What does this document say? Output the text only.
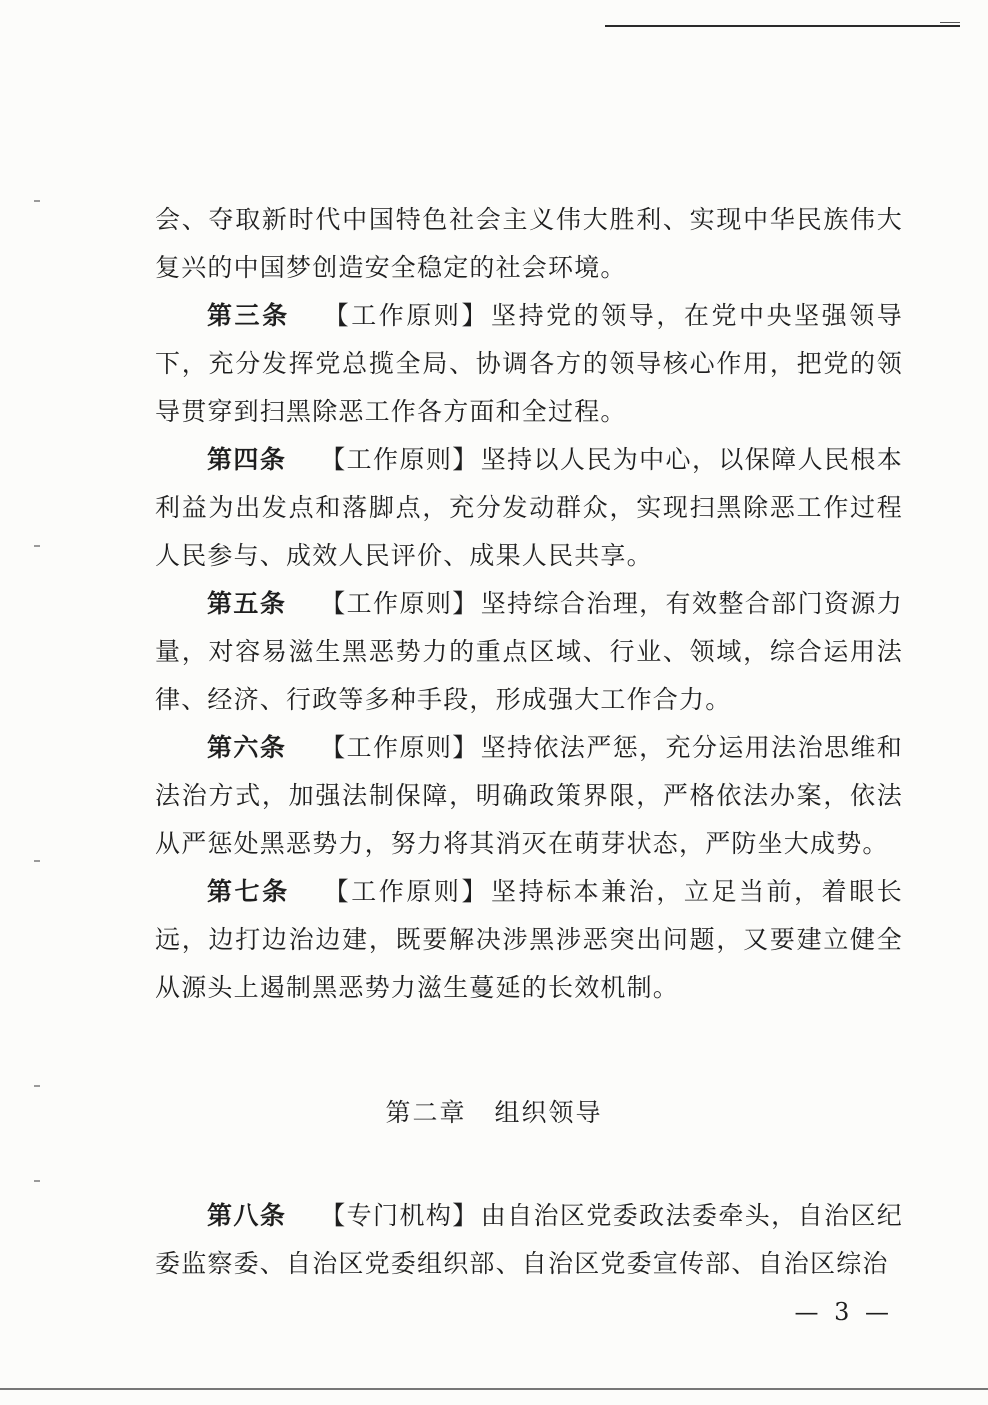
会、夺取新时代中国特色社会主义伟大胜利、实现中华民族伟大复兴的中国梦创造安全稳定的社会环境。

第三条 【工作原则】坚持党的领导，在党中央坚强领导下，充分发挥党总揽全局、协调各方的领导核心作用，把党的领导贯穿到扫黑除恶工作各方面和全过程。

第四条 【工作原则】坚持以人民为中心，以保障人民根本利益为出发点和落脚点，充分发动群众，实现扫黑除恶工作过程人民参与、成效人民评价、成果人民共享。

第五条 【工作原则】坚持综合治理，有效整合部门资源力量，对容易滋生黑恶势力的重点区域、行业、领域，综合运用法律、经济、行政等多种手段，形成强大工作合力。

第六条 【工作原则】坚持依法严惩，充分运用法治思维和法治方式，加强法制保障，明确政策界限，严格依法办案，依法从严惩处黑恶势力，努力将其消灭在萌芽状态，严防坐大成势。

第七条 【工作原则】坚持标本兼治，立足当前，着眼长远，边打边治边建，既要解决涉黑涉恶突出问题，又要建立健全从源头上遏制黑恶势力滋生蔓延的长效机制。

第二章 组织领导

第八条 【专门机构】由自治区党委政法委牵头，自治区纪委监察委、自治区党委组织部、自治区党委宣传部、自治区综治

— 3 —
